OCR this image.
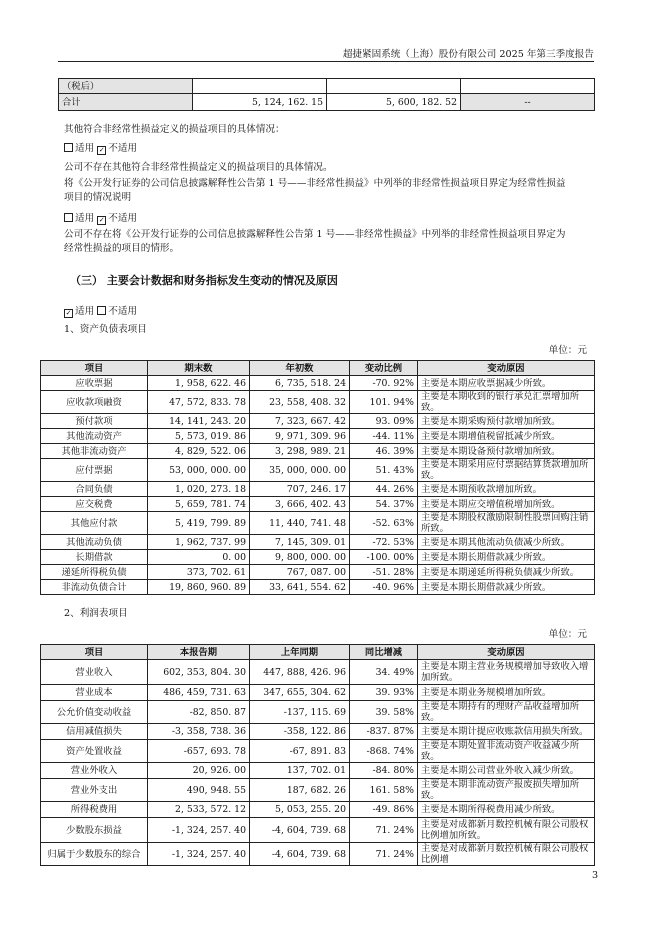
超捷紧固系统（上海）股份有限公司 2025 年第三季度报告
（税后）			
合计	5, 124, 162. 15	5, 600, 182. 52	--
其他符合非经常性损益定义的损益项目的具体情况：
适用 ✓ 不适用
公司不存在其他符合非经常性损益定义的损益项目的具体情况。
将《公开发行证券的公司信息披露解释性公告第 1 号——非经常性损益》中列举的非经常性损益项目界定为经常性损益
项目的情况说明
适用 ✓ 不适用
公司不存在将《公开发行证券的公司信息披露解释性公告第 1 号——非经常性损益》中列举的非经常性损益项目界定为
经常性损益的项目的情形。
（三） 主要会计数据和财务指标发生变动的情况及原因
✓ 适用 不适用
1、资产负债表项目
单位：元
项目	期末数	年初数	变动比例	变动原因
应收票据	1, 958, 622. 46	6, 735, 518. 24	-70. 92%	主要是本期应收票据减少所致。
应收款项融资	47, 572, 833. 78	23, 558, 408. 32	101. 94%	主要是本期收到的银行承兑汇票增加所致。
预付款项	14, 141, 243. 20	7, 323, 667. 42	93. 09%	主要是本期采购预付款增加所致。
其他流动资产	5, 573, 019. 86	9, 971, 309. 96	-44. 11%	主要是本期增值税留抵减少所致。
其他非流动资产	4, 829, 522. 06	3, 298, 989. 21	46. 39%	主要是本期设备预付款增加所致。
应付票据	53, 000, 000. 00	35, 000, 000. 00	51. 43%	主要是本期采用应付票据结算货款增加所致。
合同负债	1, 020, 273. 18	707, 246. 17	44. 26%	主要是本期预收款增加所致。
应交税费	5, 659, 781. 74	3, 666, 402. 43	54. 37%	主要是本期应交增值税增加所致。
其他应付款	5, 419, 799. 89	11, 440, 741. 48	-52. 63%	主要是本期股权激励限制性股票回购注销所致。
其他流动负债	1, 962, 737. 99	7, 145, 309. 01	-72. 53%	主要是本期其他流动负债减少所致。
长期借款	0. 00	9, 800, 000. 00	-100. 00%	主要是本期长期借款减少所致。
递延所得税负债	373, 702. 61	767, 087. 00	-51. 28%	主要是本期递延所得税负债减少所致。
非流动负债合计	19, 860, 960. 89	33, 641, 554. 62	-40. 96%	主要是本期长期借款减少所致。
2、利润表项目
单位：元
项目	本报告期	上年同期	同比增减	变动原因
营业收入	602, 353, 804. 30	447, 888, 426. 96	34. 49%	主要是本期主营业务规模增加导致收入增加所致。
营业成本	486, 459, 731. 63	347, 655, 304. 62	39. 93%	主要是本期业务规模增加所致。
公允价值变动收益	-82, 850. 87	-137, 115. 69	39. 58%	主要是本期持有的理财产品收益增加所致。
信用减值损失	-3, 358, 738. 36	-358, 122. 86	-837. 87%	主要是本期计提应收账款信用损失所致。
资产处置收益	-657, 693. 78	-67, 891. 83	-868. 74%	主要是本期处置非流动资产收益减少所致。
营业外收入	20, 926. 00	137, 702. 01	-84. 80%	主要是本期公司营业外收入减少所致。
营业外支出	490, 948. 55	187, 682. 26	161. 58%	主要是本期非流动资产报废损失增加所致。
所得税费用	2, 533, 572. 12	5, 053, 255. 20	-49. 86%	主要是本期所得税费用减少所致。
少数股东损益	-1, 324, 257. 40	-4, 604, 739. 68	71. 24%	主要是对成都新月数控机械有限公司股权比例增加所致。
归属于少数股东的综合	-1, 324, 257. 40	-4, 604, 739. 68	71. 24%	主要是对成都新月数控机械有限公司股权比例增
3
